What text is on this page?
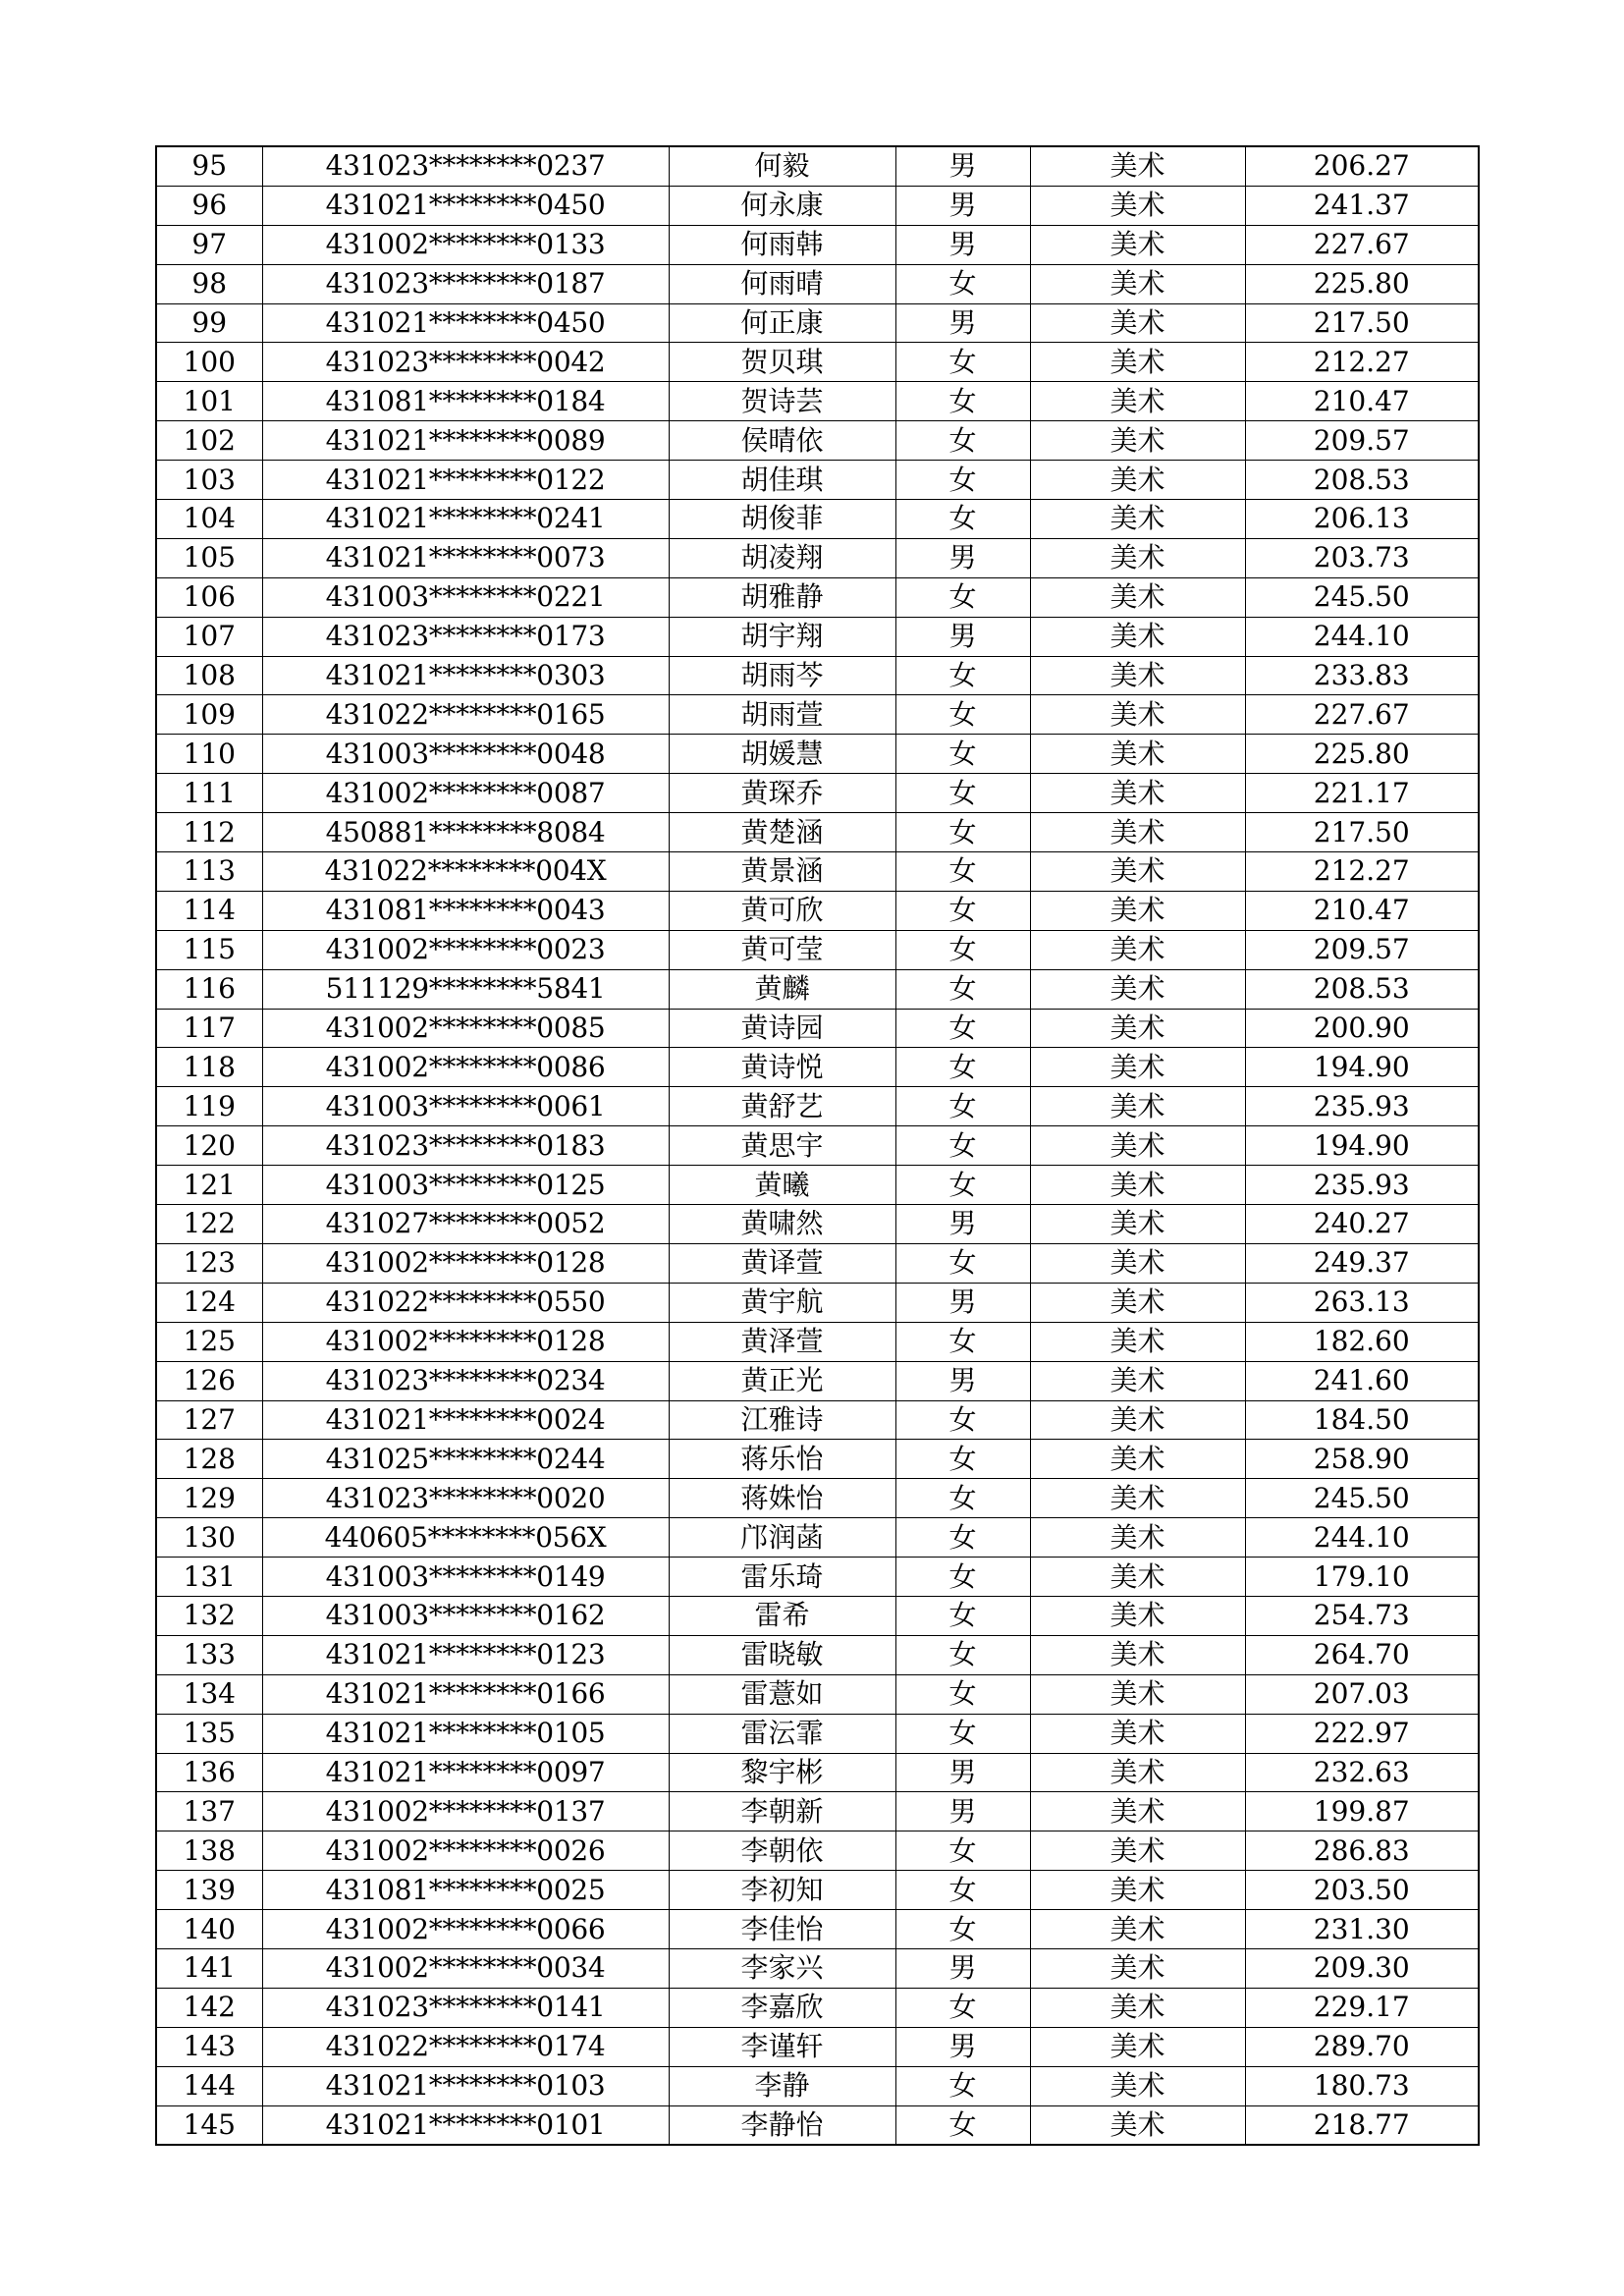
95	431023********0237	何毅	男	美术	206.27
96	431021********0450	何永康	男	美术	241.37
97	431002********0133	何雨韩	男	美术	227.67
98	431023********0187	何雨晴	女	美术	225.80
99	431021********0450	何正康	男	美术	217.50
100	431023********0042	贺贝琪	女	美术	212.27
101	431081********0184	贺诗芸	女	美术	210.47
102	431021********0089	侯晴依	女	美术	209.57
103	431021********0122	胡佳琪	女	美术	208.53
104	431021********0241	胡俊菲	女	美术	206.13
105	431021********0073	胡凌翔	男	美术	203.73
106	431003********0221	胡雅静	女	美术	245.50
107	431023********0173	胡宇翔	男	美术	244.10
108	431021********0303	胡雨芩	女	美术	233.83
109	431022********0165	胡雨萱	女	美术	227.67
110	431003********0048	胡媛慧	女	美术	225.80
111	431002********0087	黄琛乔	女	美术	221.17
112	450881********8084	黄楚涵	女	美术	217.50
113	431022********004X	黄景涵	女	美术	212.27
114	431081********0043	黄可欣	女	美术	210.47
115	431002********0023	黄可莹	女	美术	209.57
116	511129********5841	黄麟	女	美术	208.53
117	431002********0085	黄诗园	女	美术	200.90
118	431002********0086	黄诗悦	女	美术	194.90
119	431003********0061	黄舒艺	女	美术	235.93
120	431023********0183	黄思宇	女	美术	194.90
121	431003********0125	黄曦	女	美术	235.93
122	431027********0052	黄啸然	男	美术	240.27
123	431002********0128	黄译萱	女	美术	249.37
124	431022********0550	黄宇航	男	美术	263.13
125	431002********0128	黄泽萱	女	美术	182.60
126	431023********0234	黄正光	男	美术	241.60
127	431021********0024	江雅诗	女	美术	184.50
128	431025********0244	蒋乐怡	女	美术	258.90
129	431023********0020	蒋姝怡	女	美术	245.50
130	440605********056X	邝润菡	女	美术	244.10
131	431003********0149	雷乐琦	女	美术	179.10
132	431003********0162	雷希	女	美术	254.73
133	431021********0123	雷晓敏	女	美术	264.70
134	431021********0166	雷薏如	女	美术	207.03
135	431021********0105	雷沄霏	女	美术	222.97
136	431021********0097	黎宇彬	男	美术	232.63
137	431002********0137	李朝新	男	美术	199.87
138	431002********0026	李朝依	女	美术	286.83
139	431081********0025	李初知	女	美术	203.50
140	431002********0066	李佳怡	女	美术	231.30
141	431002********0034	李家兴	男	美术	209.30
142	431023********0141	李嘉欣	女	美术	229.17
143	431022********0174	李谨轩	男	美术	289.70
144	431021********0103	李静	女	美术	180.73
145	431021********0101	李静怡	女	美术	218.77
